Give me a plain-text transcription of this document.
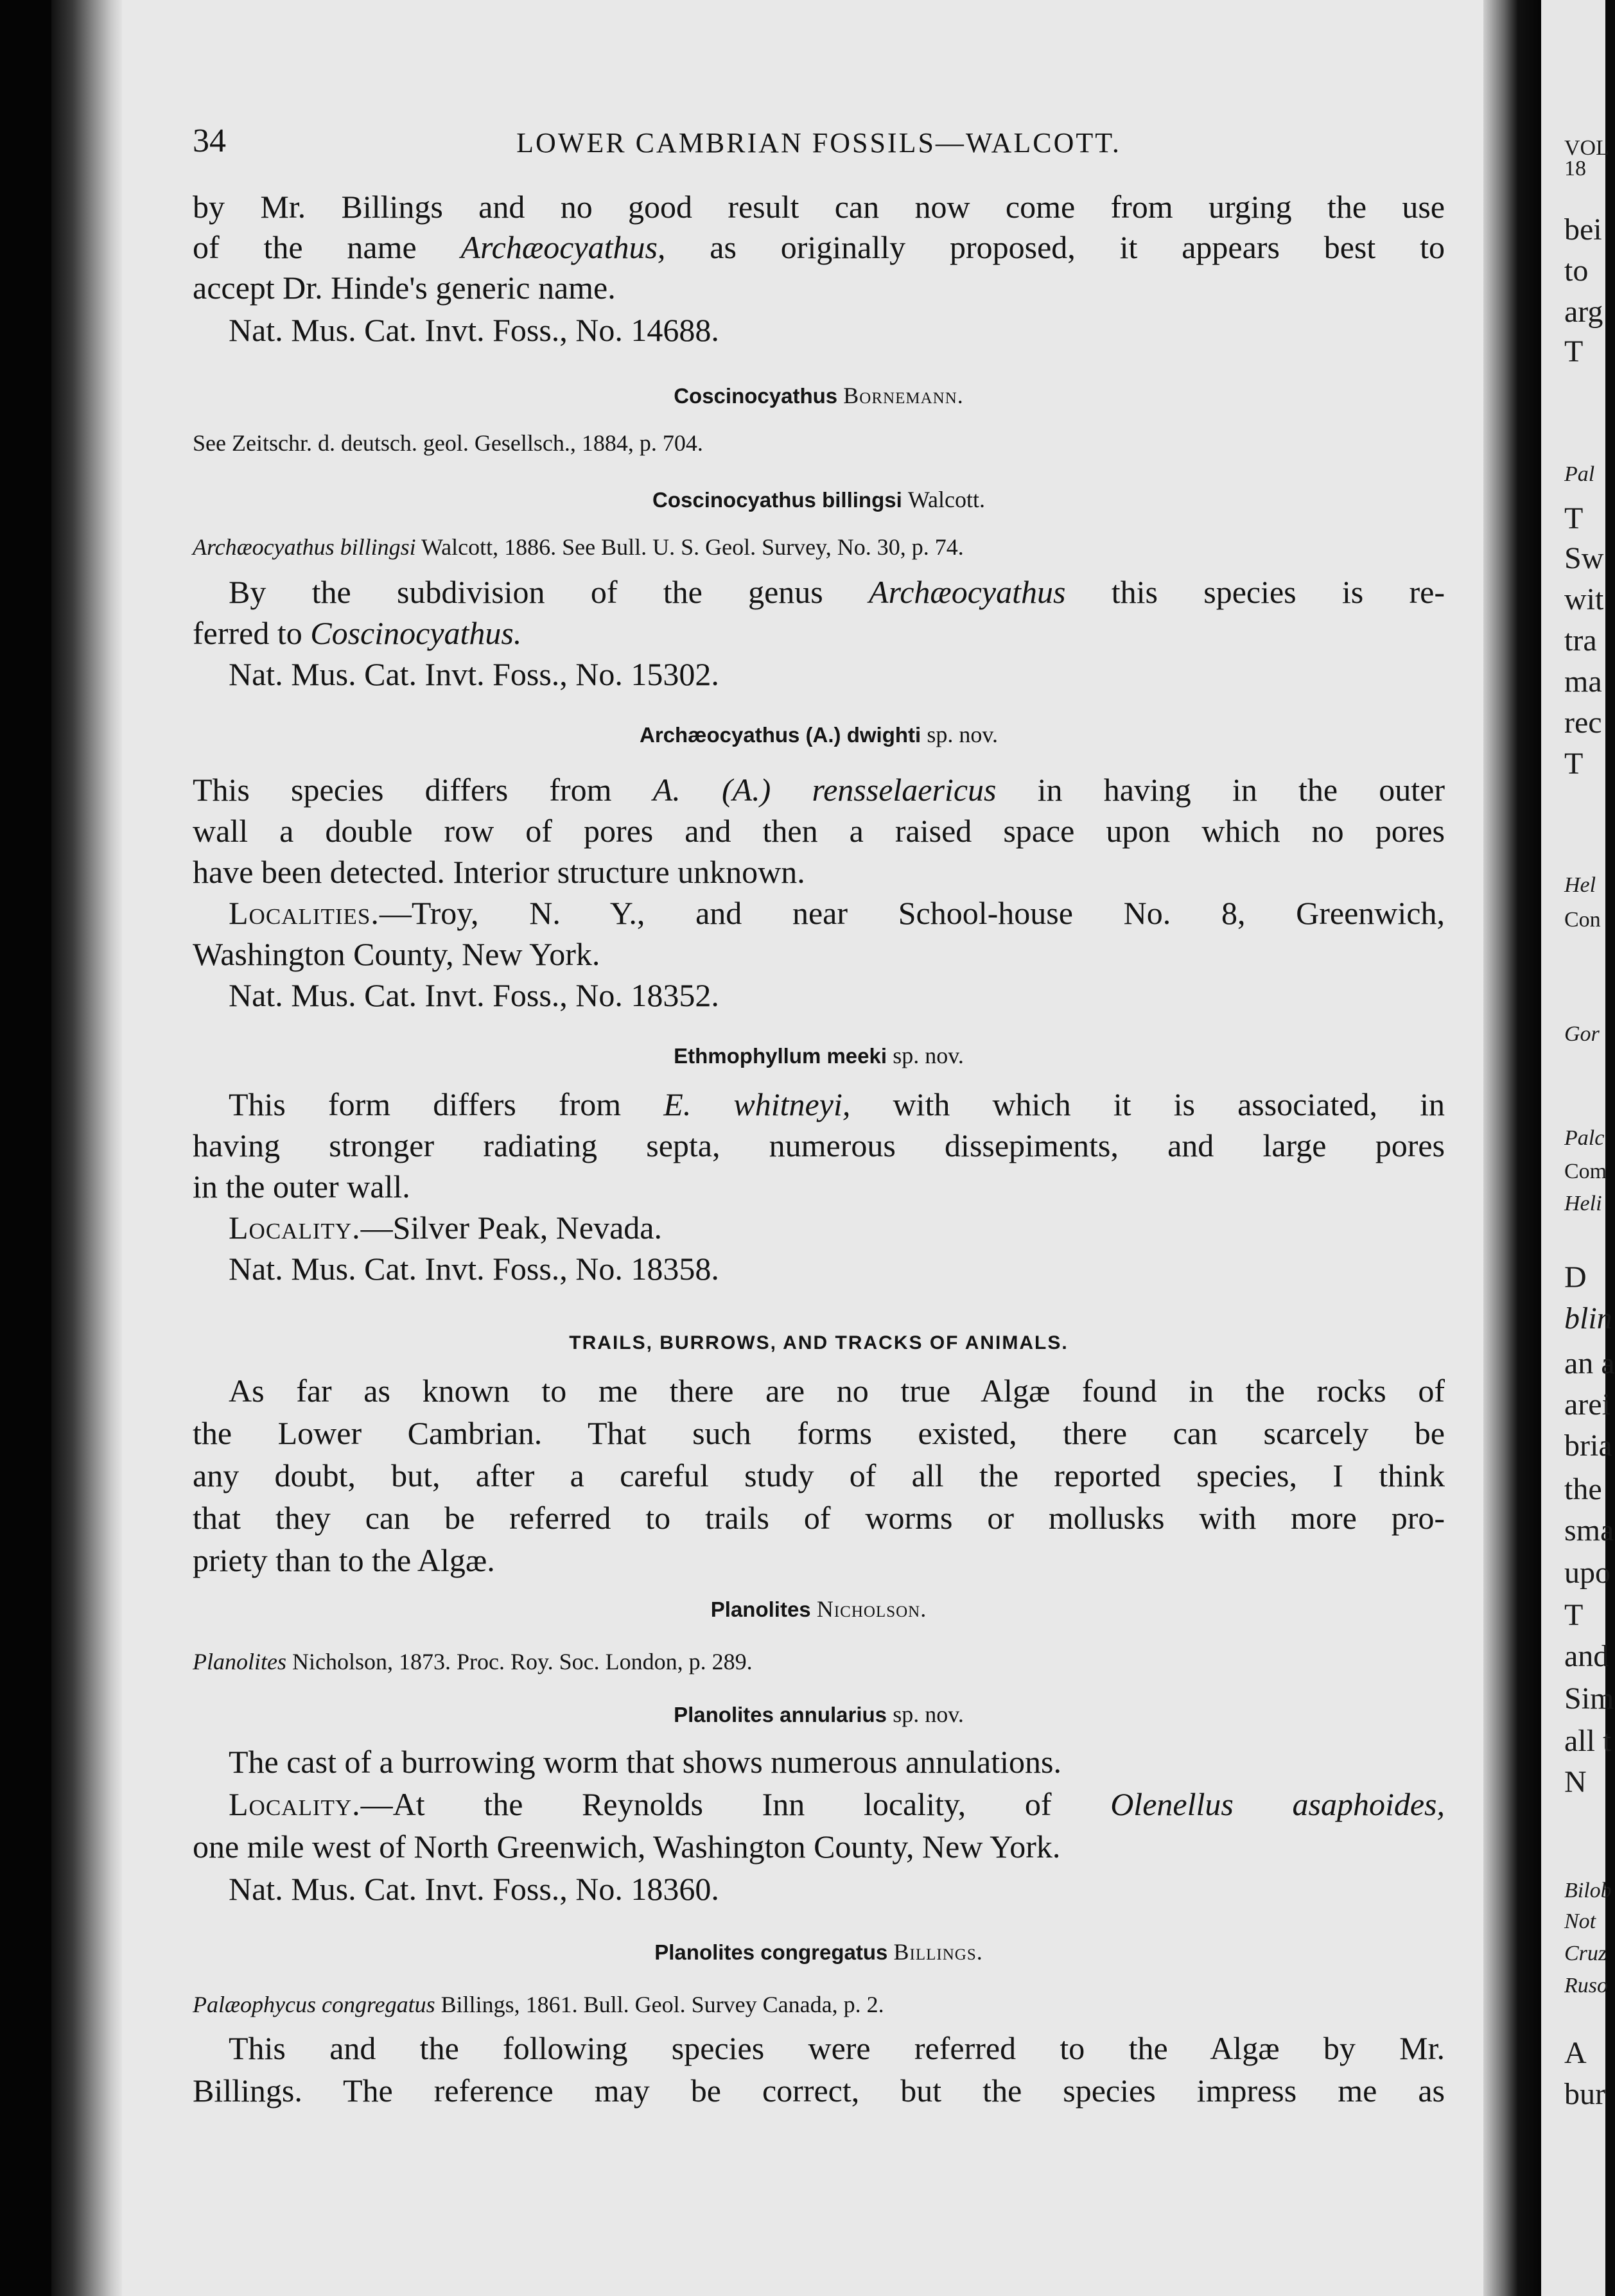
VOL
18
bei
to
arg
T
Pal
T
Sw
wit
tra
ma
rec
T
Hel
Con
Gor
Palc
Com
Heli
D
blin
an a
arei
bria
the
sma
upo
T
and
Sim
all t
N
Bilob
Not
Cruz
Ruso
A
bur
34	LOWER CAMBRIAN FOSSILS—WALCOTT.
by Mr. Billings and no good result can now come from urging the use
of the name Archæocyathus, as originally proposed, it appears best to
accept Dr. Hinde's generic name.
Nat. Mus. Cat. Invt. Foss., No. 14688.
Coscinocyathus Bornemann.
See Zeitschr. d. deutsch. geol. Gesellsch., 1884, p. 704.
Coscinocyathus billingsi Walcott.
Archæocyathus billingsi Walcott, 1886. See Bull. U. S. Geol. Survey, No. 30, p. 74.
By the subdivision of the genus Archæocyathus this species is re-
ferred to Coscinocyathus.
Nat. Mus. Cat. Invt. Foss., No. 15302.
Archæocyathus (A.) dwighti sp. nov.
This species differs from A. (A.) rensselaericus in having in the outer
wall a double row of pores and then a raised space upon which no pores
have been detected. Interior structure unknown.
Localities.—Troy, N. Y., and near School-house No. 8, Greenwich,
Washington County, New York.
Nat. Mus. Cat. Invt. Foss., No. 18352.
Ethmophyllum meeki sp. nov.
This form differs from E. whitneyi, with which it is associated, in
having stronger radiating septa, numerous dissepiments, and large pores
in the outer wall.
Locality.—Silver Peak, Nevada.
Nat. Mus. Cat. Invt. Foss., No. 18358.
TRAILS, BURROWS, AND TRACKS OF ANIMALS.
As far as known to me there are no true Algæ found in the rocks of
the Lower Cambrian. That such forms existed, there can scarcely be
any doubt, but, after a careful study of all the reported species, I think
that they can be referred to trails of worms or mollusks with more pro-
priety than to the Algæ.
Planolites Nicholson.
Planolites Nicholson, 1873. Proc. Roy. Soc. London, p. 289.
Planolites annularius sp. nov.
The cast of a burrowing worm that shows numerous annulations.
Locality.—At the Reynolds Inn locality, of Olenellus asaphoides,
one mile west of North Greenwich, Washington County, New York.
Nat. Mus. Cat. Invt. Foss., No. 18360.
Planolites congregatus Billings.
Palæophycus congregatus Billings, 1861. Bull. Geol. Survey Canada, p. 2.
This and the following species were referred to the Algæ by Mr.
Billings. The reference may be correct, but the species impress me as
